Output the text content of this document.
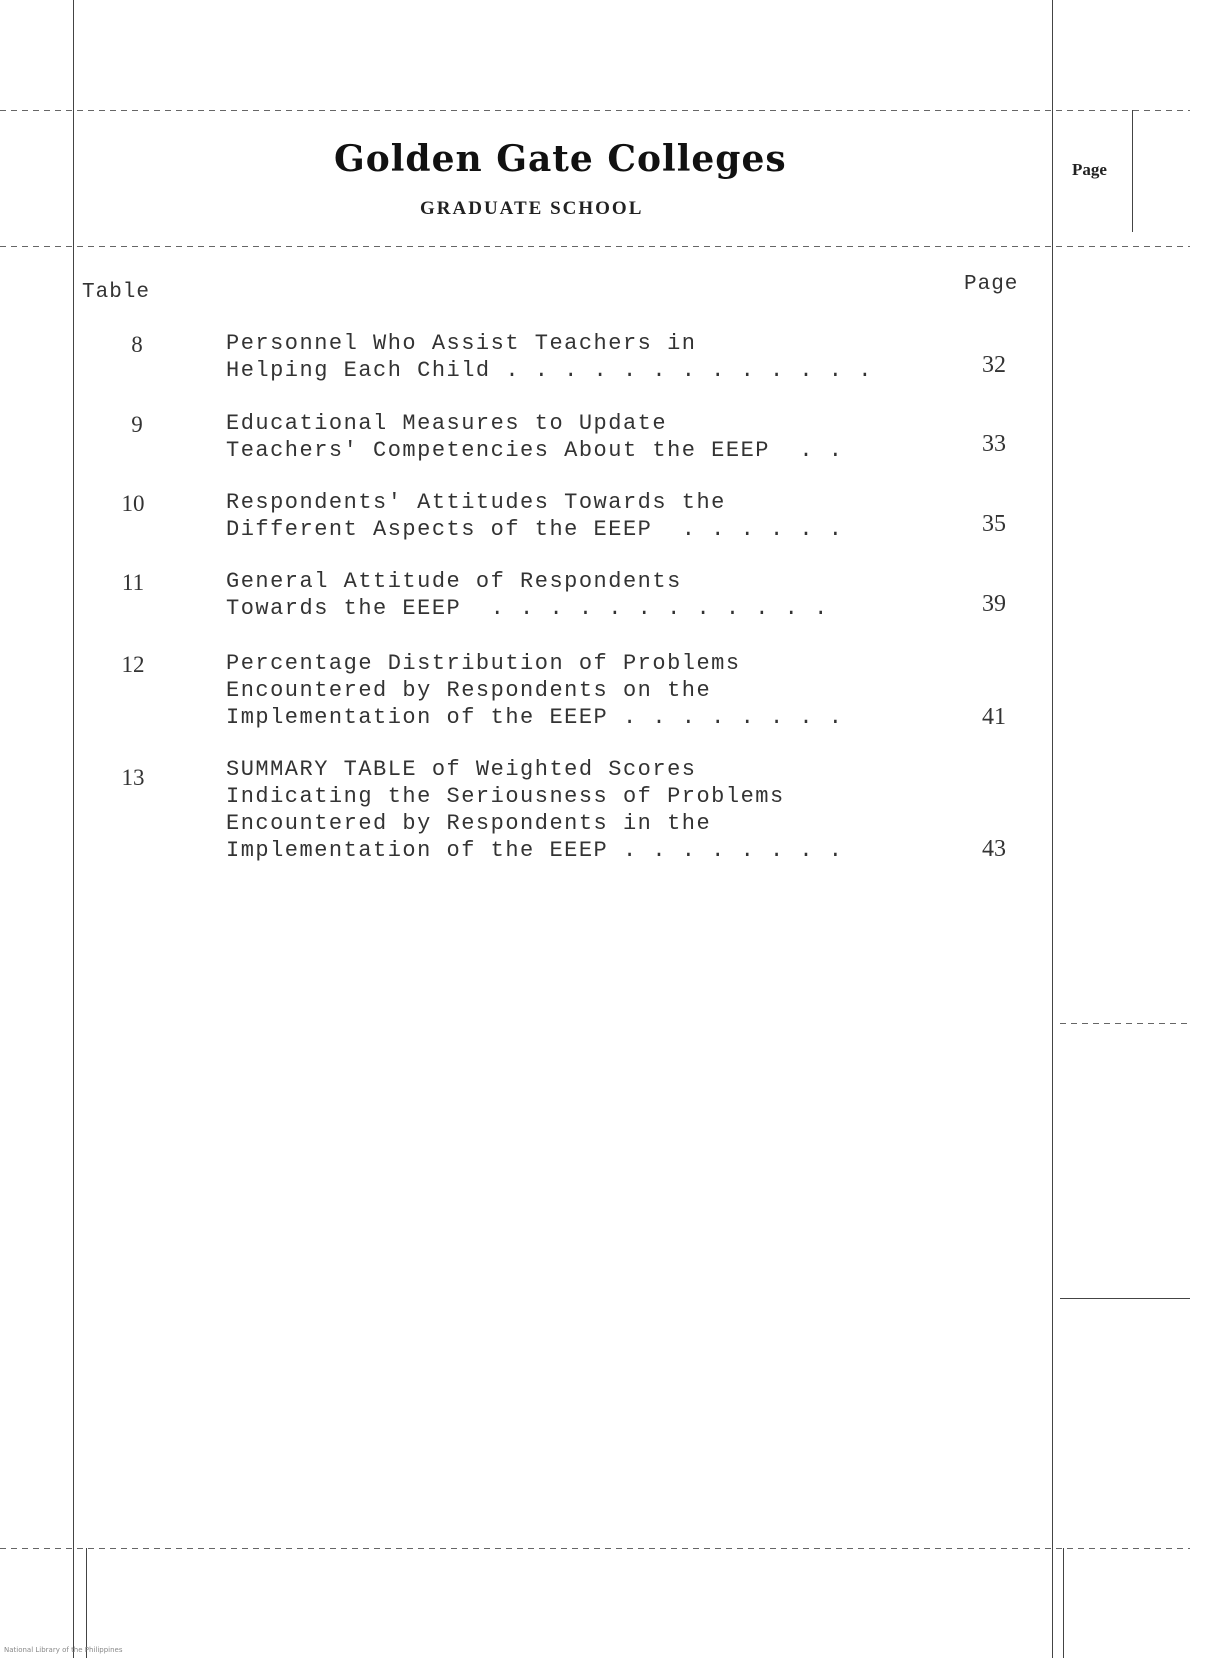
Golden Gate Colleges
GRADUATE SCHOOL
Page
Table	Page
8	Personnel Who Assist Teachers in
Helping Each Child . . . . . . . . . . . . .	32
9	Educational Measures to Update
Teachers' Competencies About the EEEP  . .	33
10	Respondents' Attitudes Towards the
Different Aspects of the EEEP  . . . . . .	35
11	General Attitude of Respondents
Towards the EEEP  . . . . . . . . . . . .	39
12	Percentage Distribution of Problems
Encountered by Respondents on the
Implementation of the EEEP . . . . . . . .	41
13	SUMMARY TABLE of Weighted Scores
Indicating the Seriousness of Problems
Encountered by Respondents in the
Implementation of the EEEP . . . . . . . .	43
National Library of the Philippines
